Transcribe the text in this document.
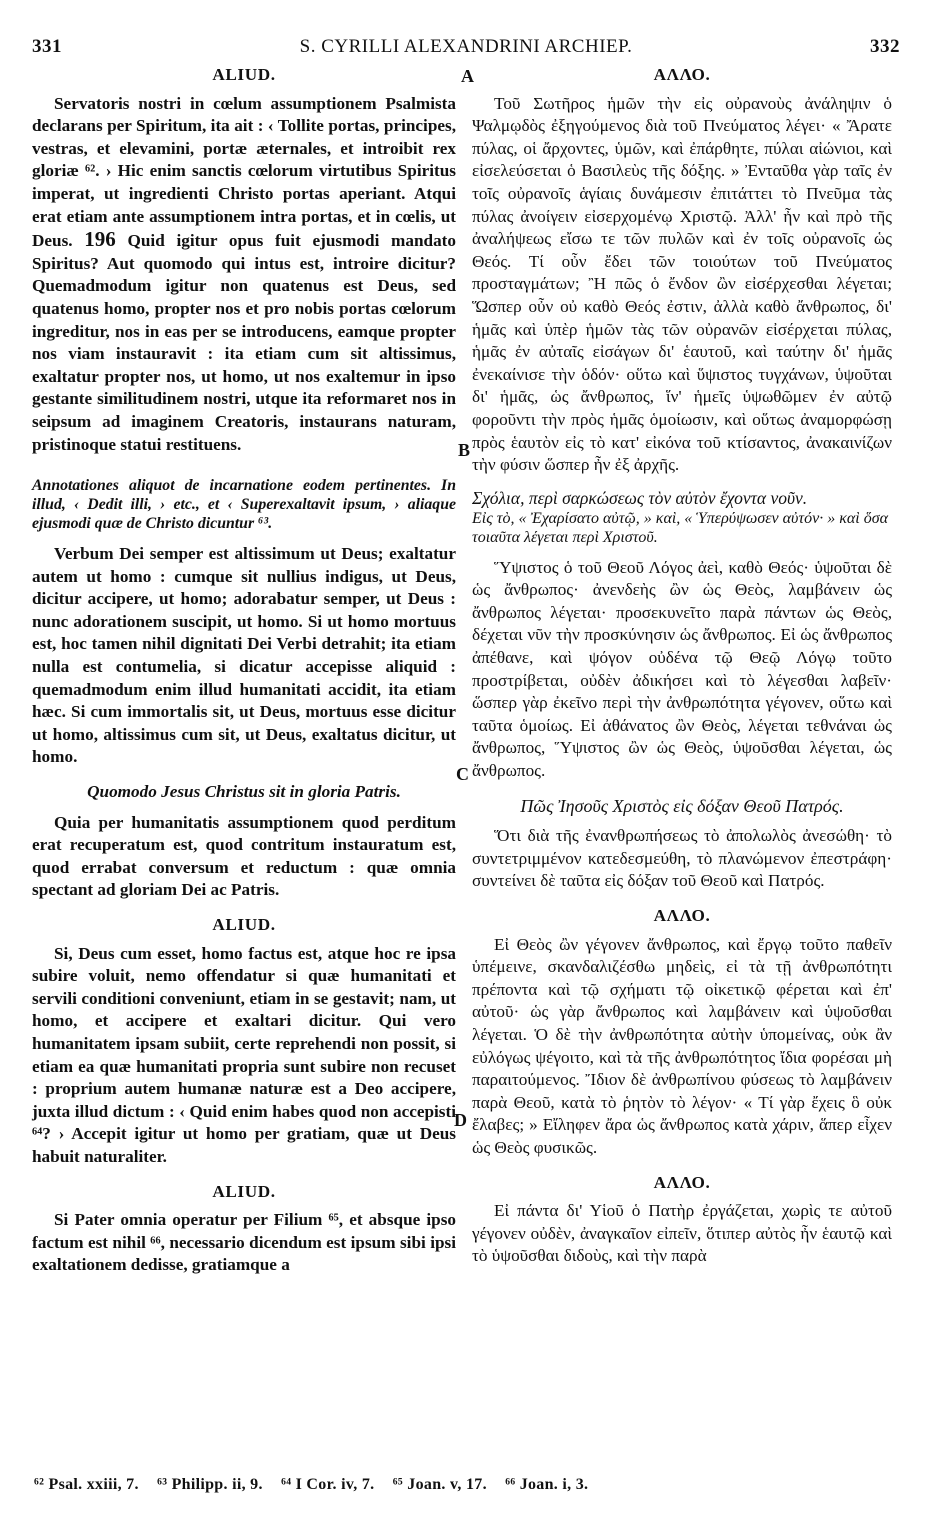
331	S. CYRILLI ALEXANDRINI ARCHIEP.	332
A
B
C
D
ALIUD.

Servatoris nostri in cœlum assumptionem Psalmista declarans per Spiritum, ita ait : ‹ Tollite portas, principes, vestras, et elevamini, portæ æternales, et introibit rex gloriæ ⁶². › Hic enim sanctis cœlorum virtutibus Spiritus imperat, ut ingredienti Christo portas aperiant. Atqui erat etiam ante assumptionem intra portas, et in cœlis, ut Deus. 196 Quid igitur opus fuit ejusmodi mandato Spiritus? Aut quomodo qui intus est, introire dicitur? Quemadmodum igitur non quatenus est Deus, sed quatenus homo, propter nos et pro nobis portas cœlorum ingreditur, nos in eas per se introducens, eamque propter nos viam instauravit : ita etiam cum sit altissimus, exaltatur propter nos, ut homo, ut nos exaltemur in ipso gestante similitudinem nostri, utque ita reformaret nos in seipsum ad imaginem Creatoris, instaurans naturam, pristinoque statui restituens.

Annotationes aliquot de incarnatione eodem pertinentes. In illud, ‹ Dedit illi, › etc., et ‹ Superexaltavit ipsum, › aliaque ejusmodi quæ de Christo dicuntur ⁶³.

Verbum Dei semper est altissimum ut Deus; exaltatur autem ut homo : cumque sit nullius indigus, ut Deus, dicitur accipere, ut homo; adorabatur semper, ut Deus : nunc adorationem suscipit, ut homo. Si ut homo mortuus est, hoc tamen nihil dignitati Dei Verbi detrahit; ita etiam nulla est contumelia, si dicatur accepisse aliquid : quemadmodum enim illud humanitati accidit, ita etiam hæc. Si cum immortalis sit, ut Deus, mortuus esse dicitur ut homo, altissimus cum sit, ut Deus, exaltatus dicitur, ut homo.

Quomodo Jesus Christus sit in gloria Patris.

Quia per humanitatis assumptionem quod perditum erat recuperatum est, quod contritum instauratum est, quod errabat conversum et reductum : quæ omnia spectant ad gloriam Dei ac Patris.

ALIUD.

Si, Deus cum esset, homo factus est, atque hoc re ipsa subire voluit, nemo offendatur si quæ humanitati et servili conditioni conveniunt, etiam in se gestavit; nam, ut homo, et accipere et exaltari dicitur. Qui vero humanitatem ipsam subiit, certe reprehendi non possit, si etiam ea quæ humanitati propria sunt subire non recuset : proprium autem humanæ naturæ est a Deo accipere, juxta illud dictum : ‹ Quid enim habes quod non accepisti ⁶⁴? › Accepit igitur ut homo per gratiam, quæ ut Deus habuit naturaliter.

ALIUD.

Si Pater omnia operatur per Filium ⁶⁵, et absque ipso factum est nihil ⁶⁶, necessario dicendum est ipsum sibi ipsi exaltationem dedisse, gratiamque a

ΑΛΛΟ.

Τοῦ Σωτῆρος ἡμῶν τὴν εἰς οὐρανοὺς ἀνάληψιν ὁ Ψαλμῳδὸς ἐξηγούμενος διὰ τοῦ Πνεύματος λέγει· « Ἄρατε πύλας, οἱ ἄρχοντες, ὑμῶν, καὶ ἐπάρθητε, πύλαι αἰώνιοι, καὶ εἰσελεύσεται ὁ Βασιλεὺς τῆς δόξης. » Ἐνταῦθα γὰρ ταῖς ἐν τοῖς οὐρανοῖς ἁγίαις δυνάμεσιν ἐπιτάττει τὸ Πνεῦμα τὰς πύλας ἀνοίγειν εἰσερχομένῳ Χριστῷ. Ἀλλ' ἦν καὶ πρὸ τῆς ἀναλήψεως εἴσω τε τῶν πυλῶν καὶ ἐν τοῖς οὐρανοῖς ὡς Θεός. Τί οὖν ἔδει τῶν τοιούτων τοῦ Πνεύματος προσταγμάτων; Ἢ πῶς ὁ ἔνδον ὢν εἰσέρχεσθαι λέγεται; Ὥσπερ οὖν οὐ καθὸ Θεός ἐστιν, ἀλλὰ καθὸ ἄνθρωπος, δι' ἡμᾶς καὶ ὑπὲρ ἡμῶν τὰς τῶν οὐρανῶν εἰσέρχεται πύλας, ἡμᾶς ἐν αὐταῖς εἰσάγων δι' ἑαυτοῦ, καὶ ταύτην δι' ἡμᾶς ἐνεκαίνισε τὴν ὁδόν· οὕτω καὶ ὕψιστος τυγχάνων, ὑψοῦται δι' ἡμᾶς, ὡς ἄνθρωπος, ἵν' ἡμεῖς ὑψωθῶμεν ἐν αὐτῷ φοροῦντι τὴν πρὸς ἡμᾶς ὁμοίωσιν, καὶ οὕτως ἀναμορφώσῃ πρὸς ἑαυτὸν εἰς τὸ κατ' εἰκόνα τοῦ κτίσαντος, ἀνακαινίζων τὴν φύσιν ὥσπερ ἦν ἐξ ἀρχῆς.

Σχόλια, περὶ σαρκώσεως τὸν αὐτὸν ἔχοντα νοῦν.
Εἰς τὸ, « Ἐχαρίσατο αὐτῷ, » καὶ, « Ὑπερύψωσεν αὐτόν· » καὶ ὅσα τοιαῦτα λέγεται περὶ Χριστοῦ.

Ὕψιστος ὁ τοῦ Θεοῦ Λόγος ἀεὶ, καθὸ Θεός· ὑψοῦται δὲ ὡς ἄνθρωπος· ἀνενδεὴς ὢν ὡς Θεὸς, λαμβάνειν ὡς ἄνθρωπος λέγεται· προσεκυνεῖτο παρὰ πάντων ὡς Θεὸς, δέχεται νῦν τὴν προσκύνησιν ὡς ἄνθρωπος. Εἰ ὡς ἄνθρωπος ἀπέθανε, καὶ ψόγον οὐδένα τῷ Θεῷ Λόγῳ τοῦτο προστρίβεται, οὐδὲν ἀδικήσει καὶ τὸ λέγεσθαι λαβεῖν· ὥσπερ γὰρ ἐκεῖνο περὶ τὴν ἀνθρωπότητα γέγονεν, οὕτω καὶ ταῦτα ὁμοίως. Εἰ ἀθάνατος ὢν Θεὸς, λέγεται τεθνάναι ὡς ἄνθρωπος, Ὕψιστος ὢν ὡς Θεὸς, ὑψοῦσθαι λέγεται, ὡς ἄνθρωπος.

Πῶς Ἰησοῦς Χριστὸς εἰς δόξαν Θεοῦ Πατρός.

Ὅτι διὰ τῆς ἐνανθρωπήσεως τὸ ἀπολωλὸς ἀνεσώθη· τὸ συντετριμμένον κατεδεσμεύθη, τὸ πλανώμενον ἐπεστράφη· συντείνει δὲ ταῦτα εἰς δόξαν τοῦ Θεοῦ καὶ Πατρός.

ΑΛΛΟ.

Εἰ Θεὸς ὢν γέγονεν ἄνθρωπος, καὶ ἔργῳ τοῦτο παθεῖν ὑπέμεινε, σκανδαλιζέσθω μηδεὶς, εἰ τὰ τῇ ἀνθρωπότητι πρέποντα καὶ τῷ σχήματι τῷ οἰκετικῷ φέρεται καὶ ἐπ' αὐτοῦ· ὡς γὰρ ἄνθρωπος καὶ λαμβάνειν καὶ ὑψοῦσθαι λέγεται. Ὁ δὲ τὴν ἀνθρωπότητα αὐτὴν ὑπομείνας, οὐκ ἂν εὐλόγως ψέγοιτο, καὶ τὰ τῆς ἀνθρωπότητος ἴδια φορέσαι μὴ παραιτούμενος. Ἴδιον δὲ ἀνθρωπίνου φύσεως τὸ λαμβάνειν παρὰ Θεοῦ, κατὰ τὸ ῥητὸν τὸ λέγον· « Τί γὰρ ἔχεις ὃ οὐκ ἔλαβες; » Εἴληφεν ἄρα ὡς ἄνθρωπος κατὰ χάριν, ἅπερ εἶχεν ὡς Θεὸς φυσικῶς.

ΑΛΛΟ.

Εἰ πάντα δι' Υἱοῦ ὁ Πατὴρ ἐργάζεται, χωρὶς τε αὐτοῦ γέγονεν οὐδὲν, ἀναγκαῖον εἰπεῖν, ὅτιπερ αὐτὸς ἦν ἑαυτῷ καὶ τὸ ὑψοῦσθαι διδοὺς, καὶ τὴν παρὰ

⁶² Psal. xxiii, 7. ⁶³ Philipp. ii, 9. ⁶⁴ I Cor. iv, 7. ⁶⁵ Joan. v, 17. ⁶⁶ Joan. i, 3.
